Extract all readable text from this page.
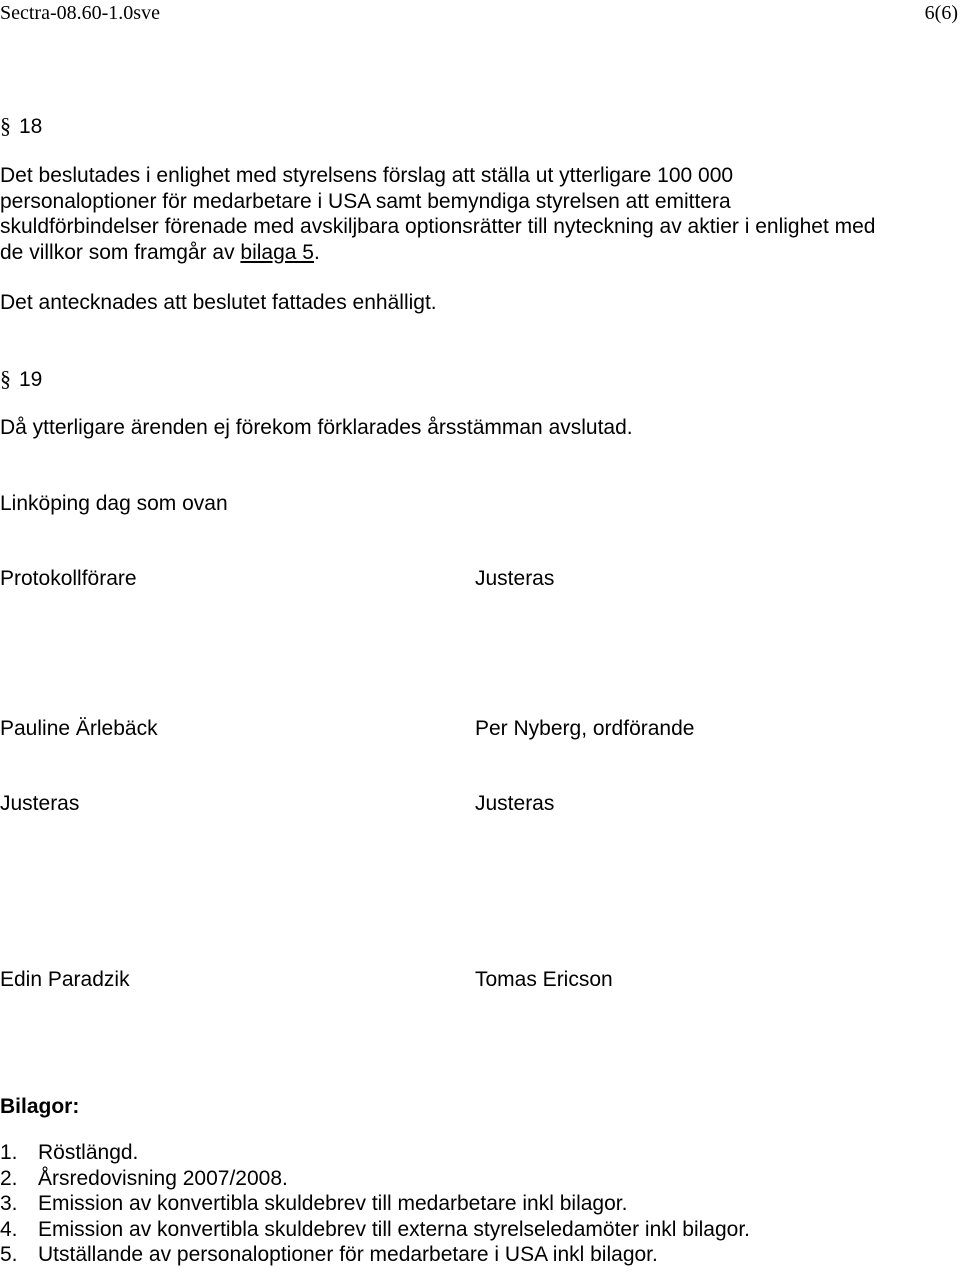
Sectra-08.60-1.0sve	6(6)
§ 18
Det beslutades i enlighet med styrelsens förslag att ställa ut ytterligare 100 000
personaloptioner för medarbetare i USA samt bemyndiga styrelsen att emittera
skuldförbindelser förenade med avskiljbara optionsrätter till nyteckning av aktier i enlighet med
de villkor som framgår av bilaga 5.
Det antecknades att beslutet fattades enhälligt.
§ 19
Då ytterligare ärenden ej förekom förklarades årsstämman avslutad.
Linköping dag som ovan
Protokollförare	Justeras
Pauline Ärlebäck	Per Nyberg, ordförande
Justeras	Justeras
Edin Paradzik	Tomas Ericson
Bilagor:
1. Röstlängd.
2. Årsredovisning 2007/2008.
3. Emission av konvertibla skuldebrev till medarbetare inkl bilagor.
4. Emission av konvertibla skuldebrev till externa styrelseledamöter inkl bilagor.
5. Utställande av personaloptioner för medarbetare i USA inkl bilagor.
